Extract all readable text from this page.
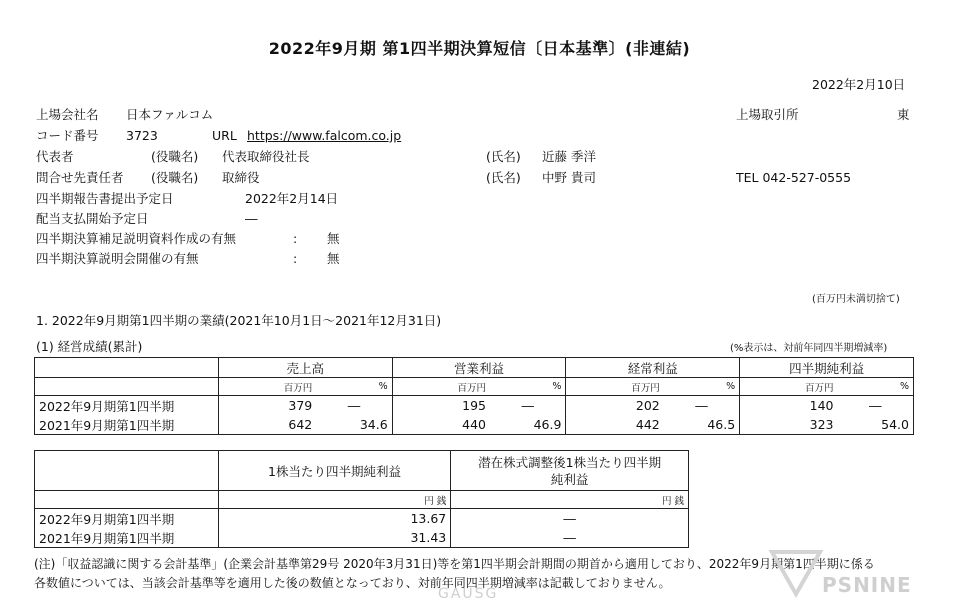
2022年9月期 第1四半期決算短信〔日本基準〕(非連結)
2022年2月10日
上場会社名 日本ファルコム	上場取引所	東
コード番号 3723	URL https://www.falcom.co.jp
代表者	(役職名) 代表取締役社長	(氏名) 近藤 季洋
問合せ先責任者 (役職名) 取締役	(氏名) 中野 貴司	TEL 042-527-0555
四半期報告書提出予定日	2022年2月14日
配当支払開始予定日	―
四半期決算補足説明資料作成の有無	: 無
四半期決算説明会開催の有無	: 無
(百万円未満切捨て)
1. 2022年9月期第1四半期の業績(2021年10月1日～2021年12月31日)
(1) 経営成績(累計)	(%表示は、対前年同四半期増減率)
	売上高		営業利益		経常利益		四半期純利益	
	百万円	%	百万円	%	百万円	%	百万円	%
2022年9月期第1四半期	379	―	195	―	202	―	140	―
2021年9月期第1四半期	642	34.6	440	46.9	442	46.5	323	54.0
	1株当たり四半期純利益	潜在株式調整後1株当たり四半期
純利益

	円 銭	円 銭
2022年9月期第1四半期	13.67	―
2021年9月期第1四半期	31.43	―
(注)「収益認識に関する会計基準」(企業会計基準第29号 2020年3月31日)等を第1四半期会計期間の期首から適用しており、2022年9月期第1四半期に係る
各数値については、当該会計基準等を適用した後の数値となっており、対前年同四半期増減率は記載しておりません。
GAUSG	PSNINE
